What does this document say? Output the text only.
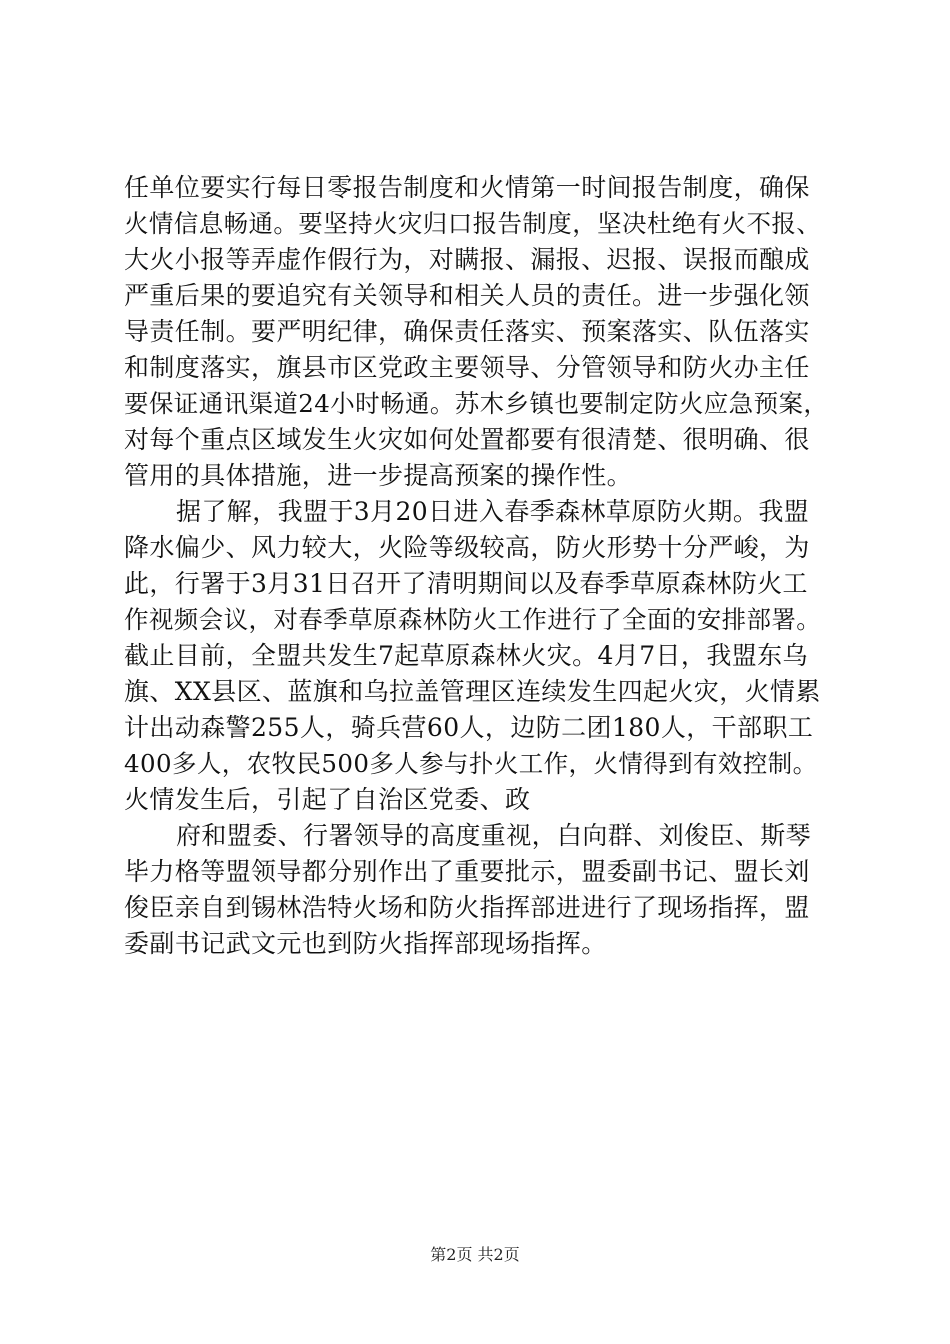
任单位要实行每日零报告制度和火情第一时间报告制度，确保
火情信息畅通。要坚持火灾归口报告制度，坚决杜绝有火不报、
大火小报等弄虚作假行为，对瞒报、漏报、迟报、误报而酿成
严重后果的要追究有关领导和相关人员的责任。进一步强化领
导责任制。要严明纪律，确保责任落实、预案落实、队伍落实
和制度落实，旗县市区党政主要领导、分管领导和防火办主任
要保证通讯渠道24小时畅通。苏木乡镇也要制定防火应急预案，
对每个重点区域发生火灾如何处置都要有很清楚、很明确、很
管用的具体措施，进一步提高预案的操作性。
据了解，我盟于3月20日进入春季森林草原防火期。我盟
降水偏少、风力较大，火险等级较高，防火形势十分严峻，为
此，行署于3月31日召开了清明期间以及春季草原森林防火工
作视频会议，对春季草原森林防火工作进行了全面的安排部署。
截止目前，全盟共发生7起草原森林火灾。4月7日，我盟东乌
旗、XX县区、蓝旗和乌拉盖管理区连续发生四起火灾，火情累
计出动森警255人，骑兵营60人，边防二团180人，干部职工
400多人，农牧民500多人参与扑火工作，火情得到有效控制。
火情发生后，引起了自治区党委、政
府和盟委、行署领导的高度重视，白向群、刘俊臣、斯琴
毕力格等盟领导都分别作出了重要批示，盟委副书记、盟长刘
俊臣亲自到锡林浩特火场和防火指挥部进进行了现场指挥，盟
委副书记武文元也到防火指挥部现场指挥。
第2页 共2页
